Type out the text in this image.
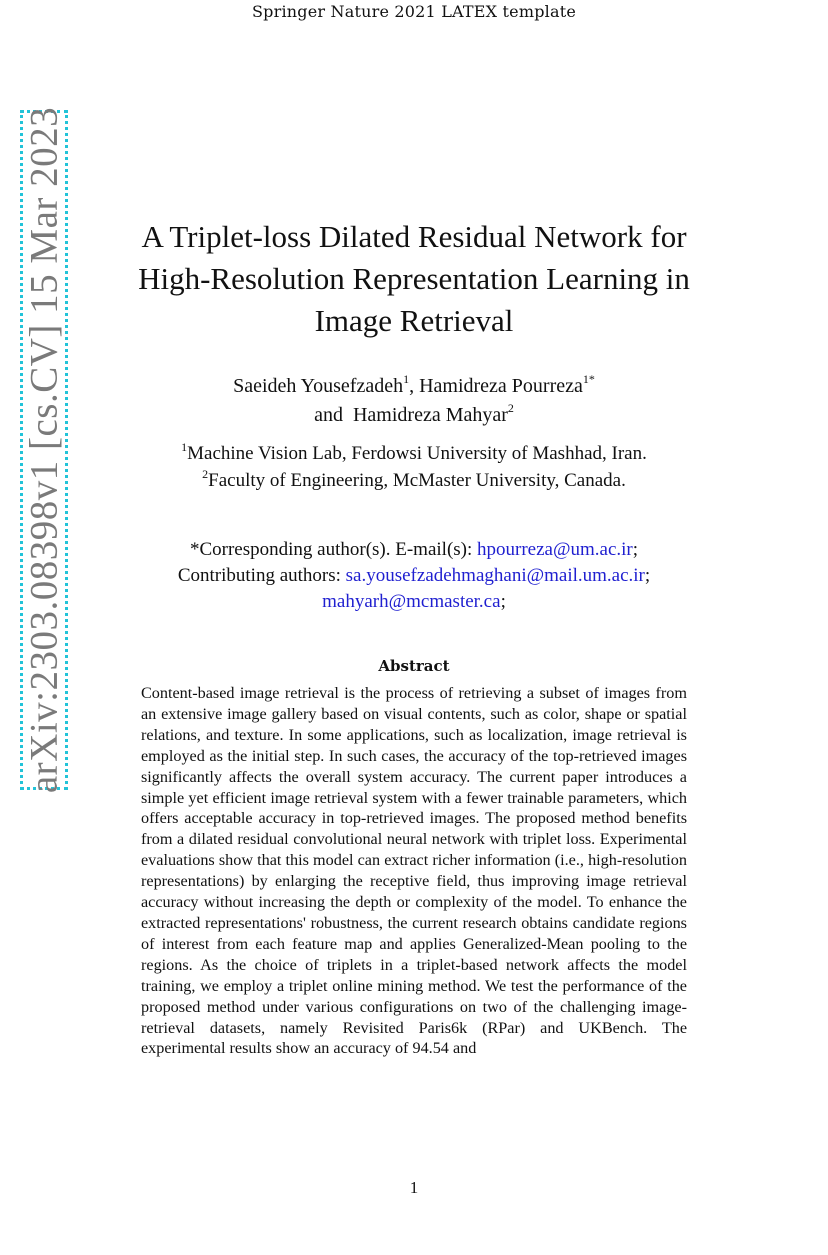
Springer Nature 2021 LATEX template
arXiv:2303.08398v1 [cs.CV] 15 Mar 2023	A Triplet-loss Dilated Residual Network for
High-Resolution Representation Learning in
Image Retrieval
Saeideh Yousefzadeh$^1$, Hamidreza Pourreza$^{1*}$
and  Hamidreza Mahyar$^2$
$^1$Machine Vision Lab, Ferdowsi University of Mashhad, Iran.
$^2$Faculty of Engineering, McMaster University, Canada.
*Corresponding author(s). E-mail(s): hpourreza@um.ac.ir;
Contributing authors: sa.yousefzadehmaghani@mail.um.ac.ir;
mahyarh@mcmaster.ca;
Abstract
Content-based image retrieval is the process of retrieving a subset of images from an extensive image gallery based on visual contents, such as color, shape or spatial relations, and texture. In some applications, such as localization, image retrieval is employed as the initial step. In such cases, the accuracy of the top-retrieved images significantly affects the overall system accuracy. The current paper introduces a simple yet efficient image retrieval system with a fewer trainable parameters, which offers acceptable accuracy in top-retrieved images. The proposed method benefits from a dilated residual convolutional neural network with triplet loss. Experimental evaluations show that this model can extract richer information (i.e., high-resolution representations) by enlarging the receptive field, thus improving image retrieval accuracy without increasing the depth or complexity of the model. To enhance the extracted representations' robustness, the current research obtains candidate regions of interest from each feature map and applies Generalized-Mean pooling to the regions. As the choice of triplets in a triplet-based network affects the model training, we employ a triplet online mining method. We test the performance of the proposed method under various configurations on two of the challenging image-retrieval datasets, namely Revisited Paris6k (RPar) and UKBench. The experimental results show an accuracy of 94.54 and
1
